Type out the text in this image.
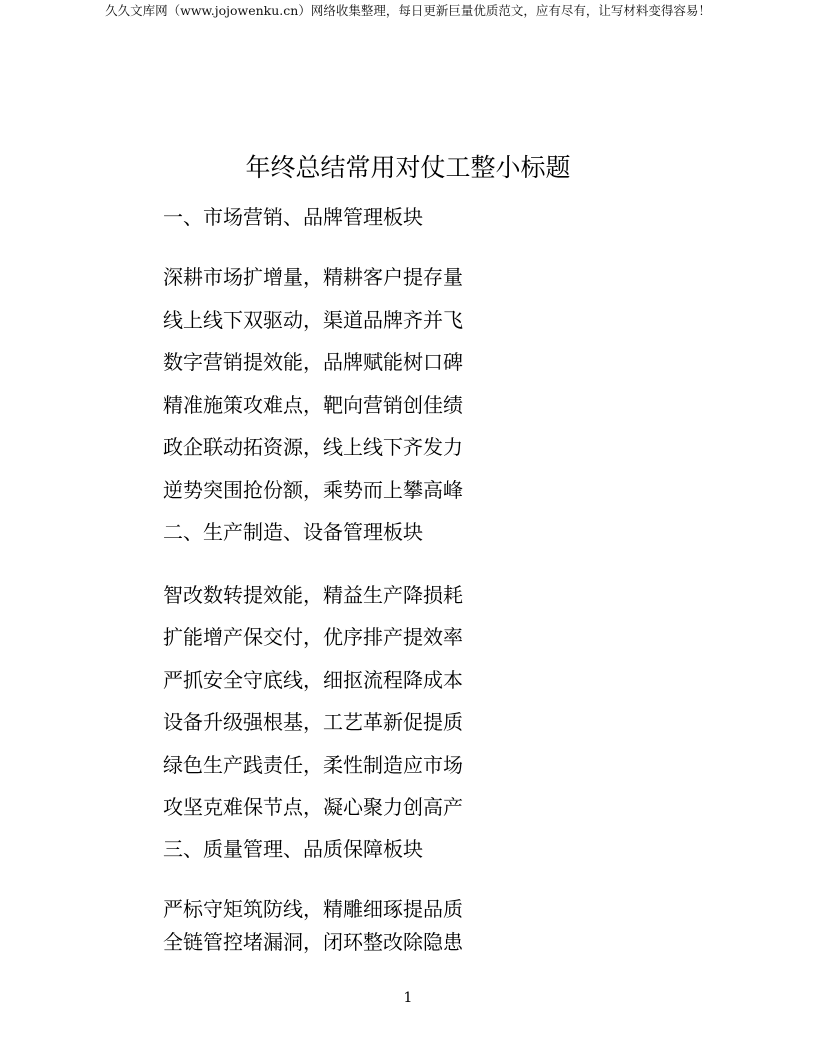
久久文库网（www.jojowenku.cn）网络收集整理，每日更新巨量优质范文，应有尽有，让写材料变得容易！
年终总结常用对仗工整小标题
一、市场营销、品牌管理板块
深耕市场扩增量，精耕客户提存量
线上线下双驱动，渠道品牌齐并飞
数字营销提效能，品牌赋能树口碑
精准施策攻难点，靶向营销创佳绩
政企联动拓资源，线上线下齐发力
逆势突围抢份额，乘势而上攀高峰
二、生产制造、设备管理板块
智改数转提效能，精益生产降损耗
扩能增产保交付，优序排产提效率
严抓安全守底线，细抠流程降成本
设备升级强根基，工艺革新促提质
绿色生产践责任，柔性制造应市场
攻坚克难保节点，凝心聚力创高产
三、质量管理、品质保障板块
严标守矩筑防线，精雕细琢提品质
全链管控堵漏洞，闭环整改除隐患
1
